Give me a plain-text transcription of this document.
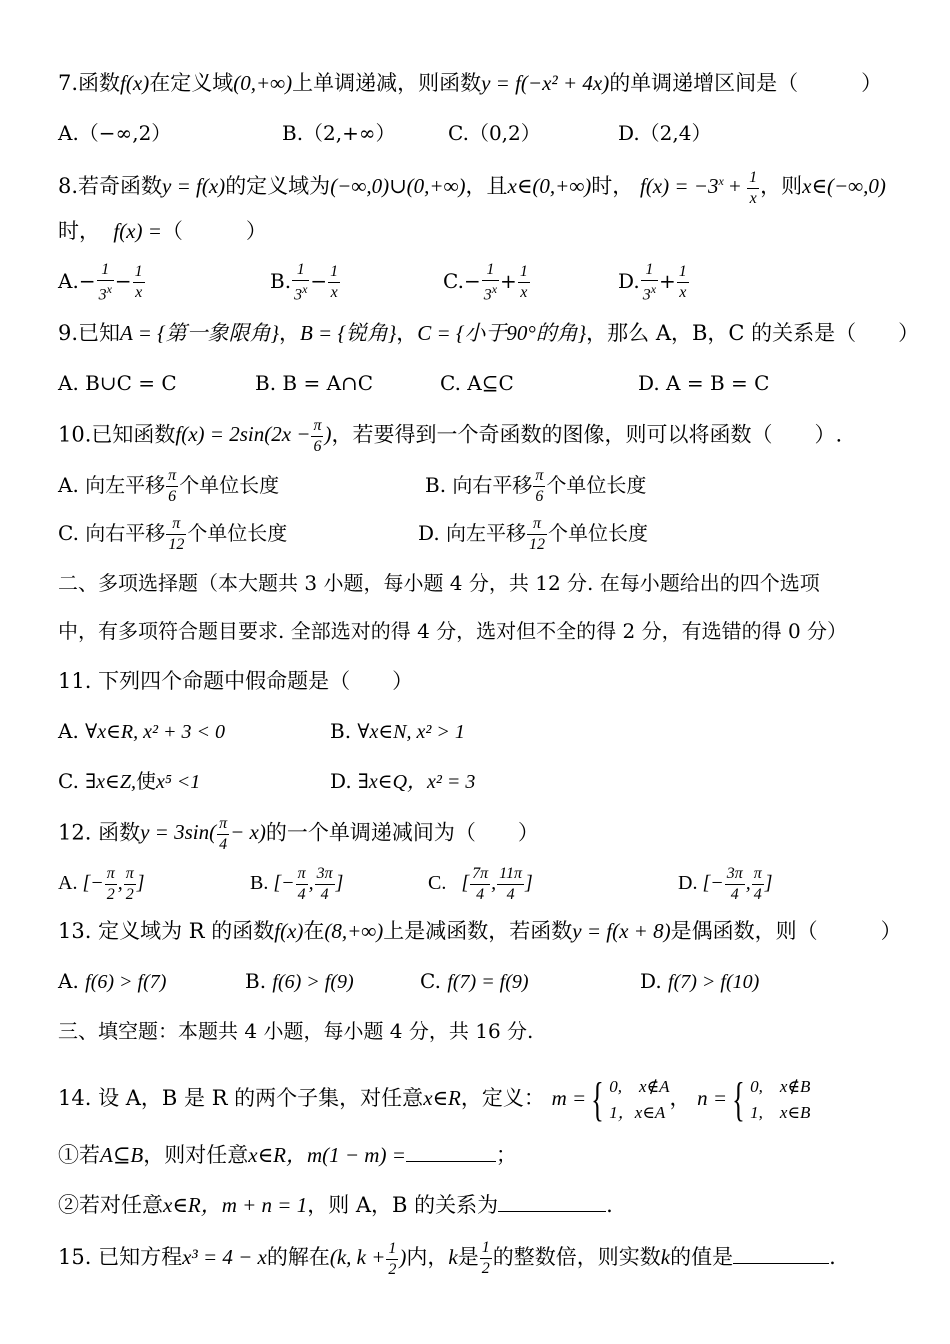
7.函数f(x)在定义域(0,+∞)上单调递减，则函数y = f(−x² + 4x)的单调递增区间是（　　　）
A.（−∞,2）	B.（2,+∞）	C.（0,2）	D.（2,4）
8.若奇函数y = f(x)的定义域为(−∞,0)∪(0,+∞)，且x∈(0,+∞)时， $f(x) = -3^x + \frac{1}{x}$ ，则x∈(−∞,0)
时， f(x) =（　　　）
$A.- \frac{1}{3^x} - \frac{1}{x}$	B. $\frac{1}{3^x} - \frac{1}{x}$	$C.- \frac{1}{3^x} + \frac{1}{x}$	D. $\frac{1}{3^x} + \frac{1}{x}$
9.已知A = {第一象限角}，B = {锐角}，C = {小于90°的角}，那么 A，B，C 的关系是（　　）
A. B∪C = C	B. B = A∩C	C. A⊆C	D. A = B = C
10.已知函数$f(x) = 2\sin(2x - \frac{\pi}{6}$ )，若要得到一个奇函数的图像，则可以将函数（　　）.
A. 向左平移 $\frac{\pi}{6}$ 个单位长度	B. 向右平移 $\frac{\pi}{6}$ 个单位长度
C. 向右平移 $\frac{\pi}{12}$ 个单位长度	D. 向左平移 $\frac{\pi}{12}$ 个单位长度
二、多项选择题（本大题共 3 小题，每小题 4 分，共 12 分. 在每小题给出的四个选项
中，有多项符合题目要求. 全部选对的得 4 分，选对但不全的得 2 分，有选错的得 0 分）
11. 下列四个命题中假命题是（　　）
A. ∀x∈R, x² + 3 < 0	B. ∀x∈N, x² > 1
C. ∃x∈Z,使x⁵ <1	D. ∃x∈Q，x² = 3
12. 函数$y = 3\sin( \frac{\pi}{4} - x)$的一个单调递减间为（　　）
A. [− $\frac{\pi}{2}$ , $\frac{\pi}{2}$ ]	B. [− $\frac{\pi}{4}$ , $\frac{3\pi}{4}$ ]	C. [ $\frac{7\pi}{4}$ , $\frac{11\pi}{4}$ ]	D. [− $\frac{3\pi}{4}$ , $\frac{\pi}{4}$ ]
13. 定义域为 R 的函数f(x)在(8,+∞)上是减函数，若函数y = f(x + 8)是偶函数，则（　　　）
A. f(6) > f(7)	B. f(6) > f(9)	C. f(7) = f(9)	D. f(7) > f(10)
三、填空题：本题共 4 小题，每小题 4 分，共 16 分.
14. 设 A，B 是 R 的两个子集，对任意x∈R，定义： m = { 0,　x∉A
1，x∈A
， n = { 0,　x∉B
1,　x∈B
①若A⊆B，则对任意x∈R，m(1 − m) =	；
②若对任意x∈R，m + n = 1，则 A，B 的关系为	.
15. 已知方程x³ = 4 − x的解在(k, $k + \frac{1}{2}$ )内，k是 $\frac{1}{2}$ 的整数倍，则实数k的值是	.
